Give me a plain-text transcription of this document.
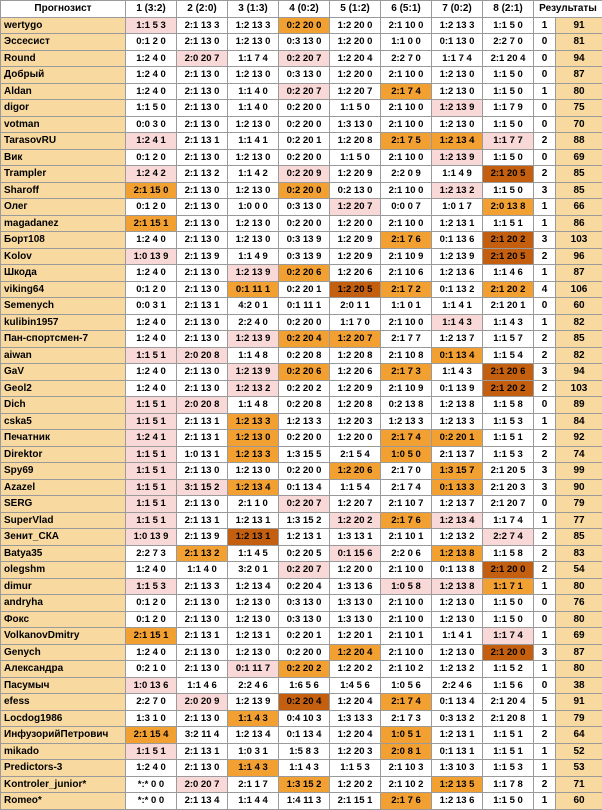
Прогнозист	1 (3:2)	2 (2:0)	3 (1:3)	4 (0:2)	5 (1:2)	6 (5:1)	7 (0:2)	8 (2:1)	Результаты	
wertygo	1:1 5 3	2:1 13 3	1:2 13 3	0:2 20 0	1:2 20 0	2:1 10 0	1:2 13 3	1:1 5 0	1	91
Эссесист	0:1 2 0	2:1 13 0	1:2 13 0	0:3 13 0	1:2 20 0	1:1 0 0	0:1 13 0	2:2 7 0	0	81
Round	1:2 4 0	2:0 20 7	1:1 7 4	0:2 20 7	1:2 20 4	2:2 7 0	1:1 7 4	2:1 20 4	0	94
Добрый	1:2 4 0	2:1 13 0	1:2 13 0	0:3 13 0	1:2 20 0	2:1 10 0	1:2 13 0	1:1 5 0	0	87
Aldan	1:2 4 0	2:1 13 0	1:1 4 0	0:2 20 7	1:2 20 7	2:1 7 4	1:2 13 0	1:1 5 0	1	80
digor	1:1 5 0	2:1 13 0	1:1 4 0	0:2 20 0	1:1 5 0	2:1 10 0	1:2 13 9	1:1 7 9	0	75
votman	0:0 3 0	2:1 13 0	1:2 13 0	0:2 20 0	1:3 13 0	2:1 10 0	1:2 13 0	1:1 5 0	0	70
TarasovRU	1:2 4 1	2:1 13 1	1:1 4 1	0:2 20 1	1:2 20 8	2:1 7 5	1:2 13 4	1:1 7 7	2	88
Вик	0:1 2 0	2:1 13 0	1:2 13 0	0:2 20 0	1:1 5 0	2:1 10 0	1:2 13 9	1:1 5 0	0	69
Trampler	1:2 4 2	2:1 13 2	1:1 4 2	0:2 20 9	1:2 20 9	2:2 0 9	1:1 4 9	2:1 20 5	2	85
Sharoff	2:1 15 0	2:1 13 0	1:2 13 0	0:2 20 0	0:2 13 0	2:1 10 0	1:2 13 2	1:1 5 0	3	85
Олег	0:1 2 0	2:1 13 0	1:0 0 0	0:3 13 0	1:2 20 7	0:0 0 7	1:0 1 7	2:0 13 8	1	66
magadanez	2:1 15 1	2:1 13 0	1:2 13 0	0:2 20 0	1:2 20 0	2:1 10 0	1:2 13 1	1:1 5 1	1	86
Борт108	1:2 4 0	2:1 13 0	1:2 13 0	0:3 13 9	1:2 20 9	2:1 7 6	0:1 13 6	2:1 20 2	3	103
Kolov	1:0 13 9	2:1 13 9	1:1 4 9	0:3 13 9	1:2 20 9	2:1 10 9	1:2 13 9	2:1 20 5	2	96
Шкода	1:2 4 0	2:1 13 0	1:2 13 9	0:2 20 6	1:2 20 6	2:1 10 6	1:2 13 6	1:1 4 6	1	87
viking64	0:1 2 0	2:1 13 0	0:1 11 1	0:2 20 1	1:2 20 5	2:1 7 2	0:1 13 2	2:1 20 2	4	106
Semenych	0:0 3 1	2:1 13 1	4:2 0 1	0:1 11 1	2:0 1 1	1:1 0 1	1:1 4 1	2:1 20 1	0	60
kulibin1957	1:2 4 0	2:1 13 0	2:2 4 0	0:2 20 0	1:1 7 0	2:1 10 0	1:1 4 3	1:1 4 3	1	82
Пан-спортсмен-7	1:2 4 0	2:1 13 0	1:2 13 9	0:2 20 4	1:2 20 7	2:1 7 7	1:2 13 7	1:1 5 7	2	85
aiwan	1:1 5 1	2:0 20 8	1:1 4 8	0:2 20 8	1:2 20 8	2:1 10 8	0:1 13 4	1:1 5 4	2	82
GaV	1:2 4 0	2:1 13 0	1:2 13 9	0:2 20 6	1:2 20 6	2:1 7 3	1:1 4 3	2:1 20 6	3	94
Geol2	1:2 4 0	2:1 13 0	1:2 13 2	0:2 20 2	1:2 20 9	2:1 10 9	0:1 13 9	2:1 20 2	2	103
Dich	1:1 5 1	2:0 20 8	1:1 4 8	0:2 20 8	1:2 20 8	0:2 13 8	1:2 13 8	1:1 5 8	0	89
cska5	1:1 5 1	2:1 13 1	1:2 13 3	1:2 13 3	1:2 20 3	1:2 13 3	1:2 13 3	1:1 5 3	1	84
Печатник	1:2 4 1	2:1 13 1	1:2 13 0	0:2 20 0	1:2 20 0	2:1 7 4	0:2 20 1	1:1 5 1	2	92
Direktor	1:1 5 1	1:0 13 1	1:2 13 3	1:3 15 5	2:1 5 4	1:0 5 0	2:1 13 7	1:1 5 3	2	74
Spy69	1:1 5 1	2:1 13 0	1:2 13 0	0:2 20 0	1:2 20 6	2:1 7 0	1:3 15 7	2:1 20 5	3	99
Azazel	1:1 5 1	3:1 15 2	1:2 13 4	0:1 13 4	1:1 5 4	2:1 7 4	0:1 13 3	2:1 20 3	3	90
SERG	1:1 5 1	2:1 13 0	2:1 1 0	0:2 20 7	1:2 20 7	2:1 10 7	1:2 13 7	2:1 20 7	0	79
SuperVlad	1:1 5 1	2:1 13 1	1:2 13 1	1:3 15 2	1:2 20 2	2:1 7 6	1:2 13 4	1:1 7 4	1	77
Зенит_СКА	1:0 13 9	2:1 13 9	1:2 13 1	1:2 13 1	1:3 13 1	2:1 10 1	1:2 13 2	2:2 7 4	2	85
Batya35	2:2 7 3	2:1 13 2	1:1 4 5	0:2 20 5	0:1 15 6	2:2 0 6	1:2 13 8	1:1 5 8	2	83
olegshm	1:2 4 0	1:1 4 0	3:2 0 1	0:2 20 7	1:2 20 0	2:1 10 0	0:1 13 8	2:1 20 0	2	54
dimur	1:1 5 3	2:1 13 3	1:2 13 4	0:2 20 4	1:3 13 6	1:0 5 8	1:2 13 8	1:1 7 1	1	80
andryha	0:1 2 0	2:1 13 0	1:2 13 0	0:3 13 0	1:3 13 0	2:1 10 0	1:2 13 0	1:1 5 0	0	76
Фокс	0:1 2 0	2:1 13 0	1:2 13 0	0:3 13 0	1:3 13 0	2:1 10 0	1:2 13 0	1:1 5 0	0	80
VolkanovDmitry	2:1 15 1	2:1 13 1	1:2 13 1	0:2 20 1	1:2 20 1	2:1 10 1	1:1 4 1	1:1 7 4	1	69
Genych	1:2 4 0	2:1 13 0	1:2 13 0	0:2 20 0	1:2 20 4	2:1 10 0	1:2 13 0	2:1 20 0	3	87
Александра	0:2 1 0	2:1 13 0	0:1 11 7	0:2 20 2	1:2 20 2	2:1 10 2	1:2 13 2	1:1 5 2	1	80
Пасумыч	1:0 13 6	1:1 4 6	2:2 4 6	1:6 5 6	1:4 5 6	1:0 5 6	2:2 4 6	1:1 5 6	0	38
efess	2:2 7 0	2:0 20 9	1:2 13 9	0:2 20 4	1:2 20 4	2:1 7 4	0:1 13 4	2:1 20 4	5	91
Locdog1986	1:3 1 0	2:1 13 0	1:1 4 3	0:4 10 3	1:3 13 3	2:1 7 3	0:3 13 2	2:1 20 8	1	79
ИнфузорийПетрович	2:1 15 4	3:2 11 4	1:2 13 4	0:1 13 4	1:2 20 4	1:0 5 1	1:2 13 1	1:1 5 1	2	64
mikado	1:1 5 1	2:1 13 1	1:0 3 1	1:5 8 3	1:2 20 3	2:0 8 1	0:1 13 1	1:1 5 1	1	52
Predictors-3	1:2 4 0	2:1 13 0	1:1 4 3	1:1 4 3	1:1 5 3	2:1 10 3	1:3 10 3	1:1 5 3	1	53
Kontroler_junior*	*:* 0 0	2:0 20 7	2:1 1 7	1:3 15 2	1:2 20 2	2:1 10 2	1:2 13 5	1:1 7 8	2	71
Romeo*	*:* 0 0	2:1 13 4	1:1 4 4	1:4 11 3	2:1 15 1	2:1 7 6	1:2 13 6	1:1 5 0	1	60
